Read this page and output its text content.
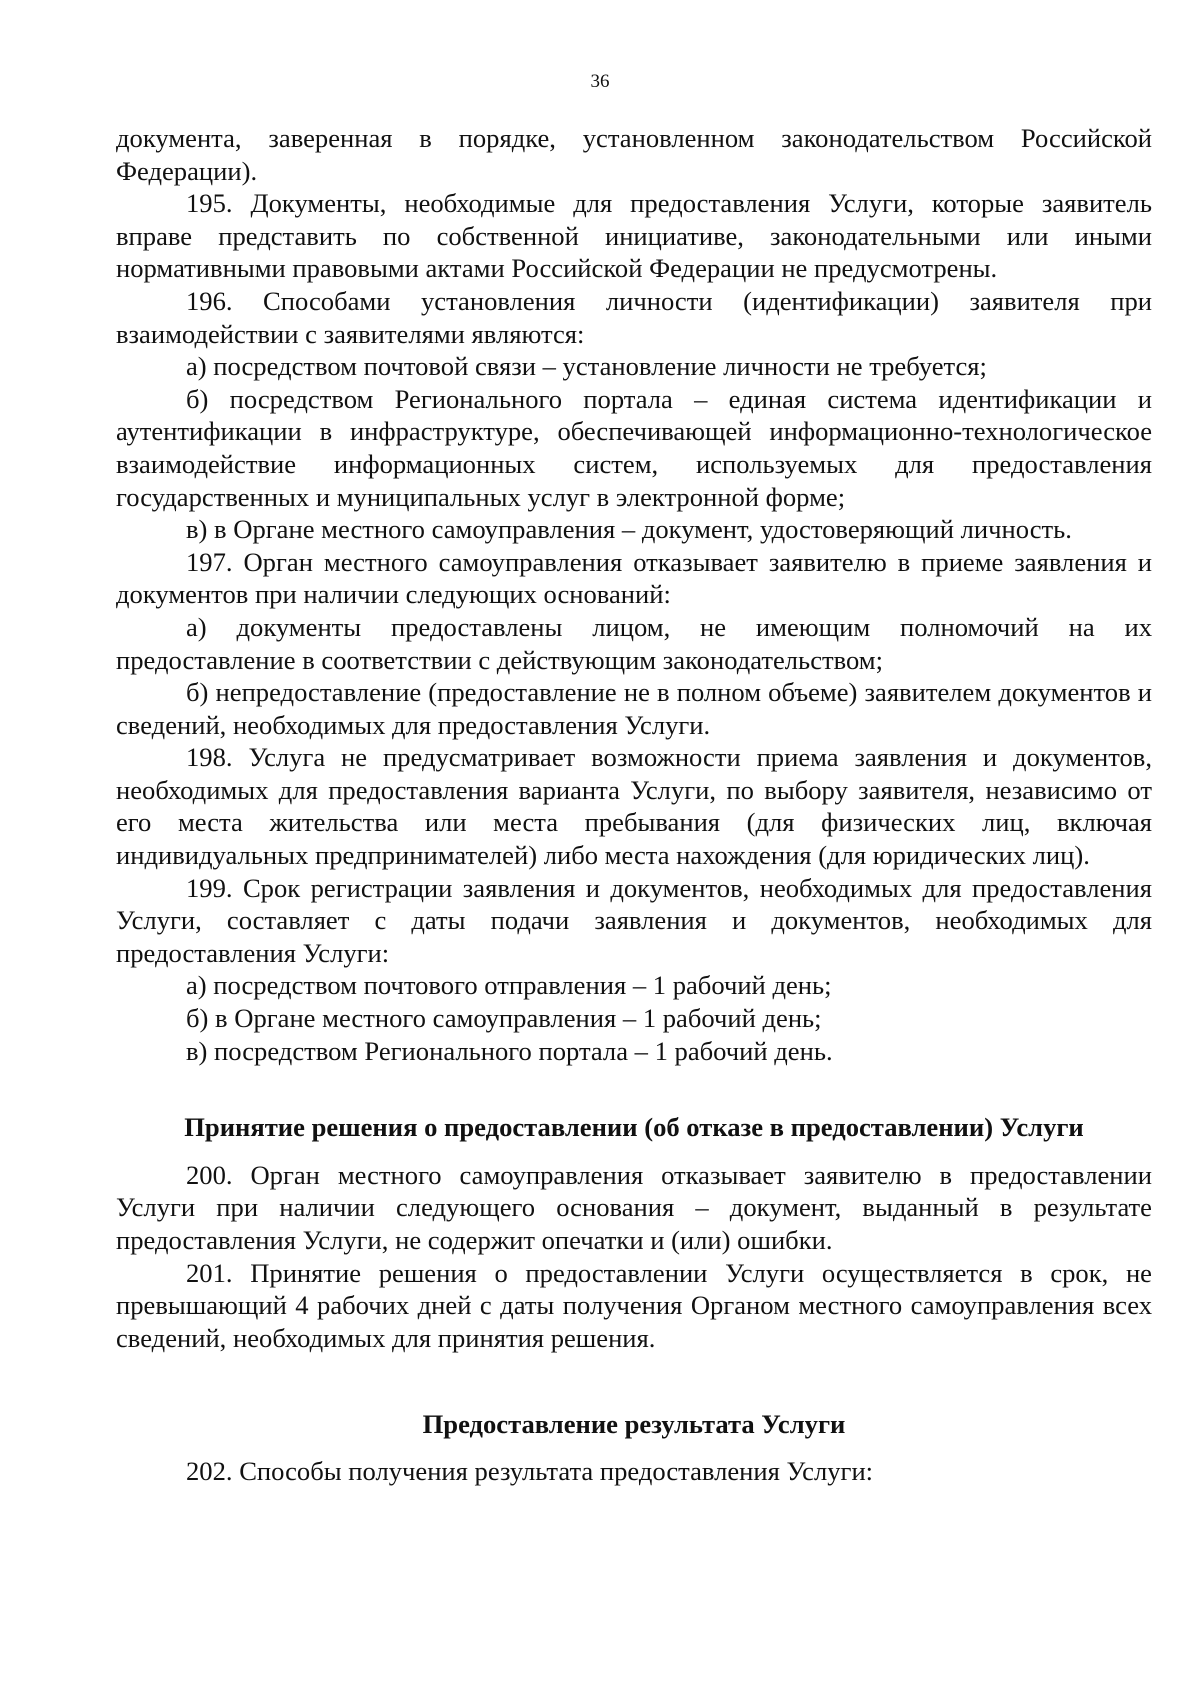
36

документа, заверенная в порядке, установленном законодательством Российской Федерации).

195. Документы, необходимые для предоставления Услуги, которые заявитель вправе представить по собственной инициативе, законодательными или иными нормативными правовыми актами Российской Федерации не предусмотрены.

196. Способами установления личности (идентификации) заявителя при взаимодействии с заявителями являются:

а) посредством почтовой связи – установление личности не требуется;

б) посредством Регионального портала – единая система идентификации и аутентификации в инфраструктуре, обеспечивающей информационно-технологическое взаимодействие информационных систем, используемых для предоставления государственных и муниципальных услуг в электронной форме;

в) в Органе местного самоуправления – документ, удостоверяющий личность.

197. Орган местного самоуправления отказывает заявителю в приеме заявления и документов при наличии следующих оснований:

а) документы предоставлены лицом, не имеющим полномочий на их предоставление в соответствии с действующим законодательством;

б) непредоставление (предоставление не в полном объеме) заявителем документов и сведений, необходимых для предоставления Услуги.

198. Услуга не предусматривает возможности приема заявления и документов, необходимых для предоставления варианта Услуги, по выбору заявителя, независимо от его места жительства или места пребывания (для физических лиц, включая индивидуальных предпринимателей) либо места нахождения (для юридических лиц).

199. Срок регистрации заявления и документов, необходимых для предоставления Услуги, составляет с даты подачи заявления и документов, необходимых для предоставления Услуги:

а) посредством почтового отправления – 1 рабочий день;

б) в Органе местного самоуправления – 1 рабочий день;

в) посредством Регионального портала – 1 рабочий день.

Принятие решения о предоставлении (об отказе в предоставлении) Услуги

200. Орган местного самоуправления отказывает заявителю в предоставлении Услуги при наличии следующего основания – документ, выданный в результате предоставления Услуги, не содержит опечатки и (или) ошибки.

201. Принятие решения о предоставлении Услуги осуществляется в срок, не превышающий 4 рабочих дней с даты получения Органом местного самоуправления всех сведений, необходимых для принятия решения.

Предоставление результата Услуги

202. Способы получения результата предоставления Услуги:
